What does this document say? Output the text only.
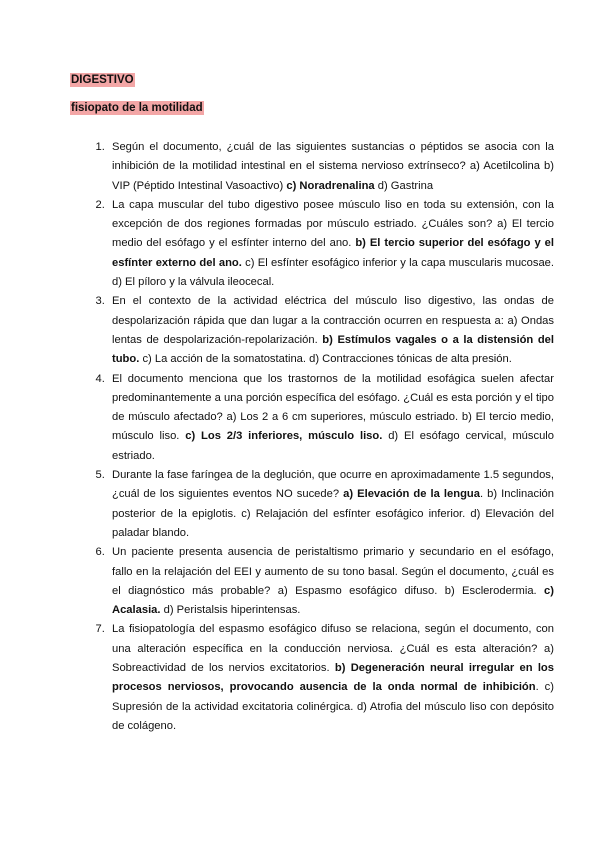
DIGESTIVO
fisiopato de la motilidad
1. Según el documento, ¿cuál de las siguientes sustancias o péptidos se asocia con la inhibición de la motilidad intestinal en el sistema nervioso extrínseco? a) Acetilcolina b) VIP (Péptido Intestinal Vasoactivo) c) Noradrenalina d) Gastrina
2. La capa muscular del tubo digestivo posee músculo liso en toda su extensión, con la excepción de dos regiones formadas por músculo estriado. ¿Cuáles son? a) El tercio medio del esófago y el esfínter interno del ano. b) El tercio superior del esófago y el esfínter externo del ano. c) El esfínter esofágico inferior y la capa muscularis mucosae. d) El píloro y la válvula ileocecal.
3. En el contexto de la actividad eléctrica del músculo liso digestivo, las ondas de despolarización rápida que dan lugar a la contracción ocurren en respuesta a: a) Ondas lentas de despolarización-repolarización. b) Estímulos vagales o a la distensión del tubo. c) La acción de la somatostatina. d) Contracciones tónicas de alta presión.
4. El documento menciona que los trastornos de la motilidad esofágica suelen afectar predominantemente a una porción específica del esófago. ¿Cuál es esta porción y el tipo de músculo afectado? a) Los 2 a 6 cm superiores, músculo estriado. b) El tercio medio, músculo liso. c) Los 2/3 inferiores, músculo liso. d) El esófago cervical, músculo estriado.
5. Durante la fase faríngea de la deglución, que ocurre en aproximadamente 1.5 segundos, ¿cuál de los siguientes eventos NO sucede? a) Elevación de la lengua. b) Inclinación posterior de la epiglotis. c) Relajación del esfínter esofágico inferior. d) Elevación del paladar blando.
6. Un paciente presenta ausencia de peristaltismo primario y secundario en el esófago, fallo en la relajación del EEI y aumento de su tono basal. Según el documento, ¿cuál es el diagnóstico más probable? a) Espasmo esofágico difuso. b) Esclerodermia. c) Acalasia. d) Peristalsis hiperintensas.
7. La fisiopatología del espasmo esofágico difuso se relaciona, según el documento, con una alteración específica en la conducción nerviosa. ¿Cuál es esta alteración? a) Sobreactividad de los nervios excitatorios. b) Degeneración neural irregular en los procesos nerviosos, provocando ausencia de la onda normal de inhibición. c) Supresión de la actividad excitatoria colinérgica. d) Atrofia del músculo liso con depósito de colágeno.
